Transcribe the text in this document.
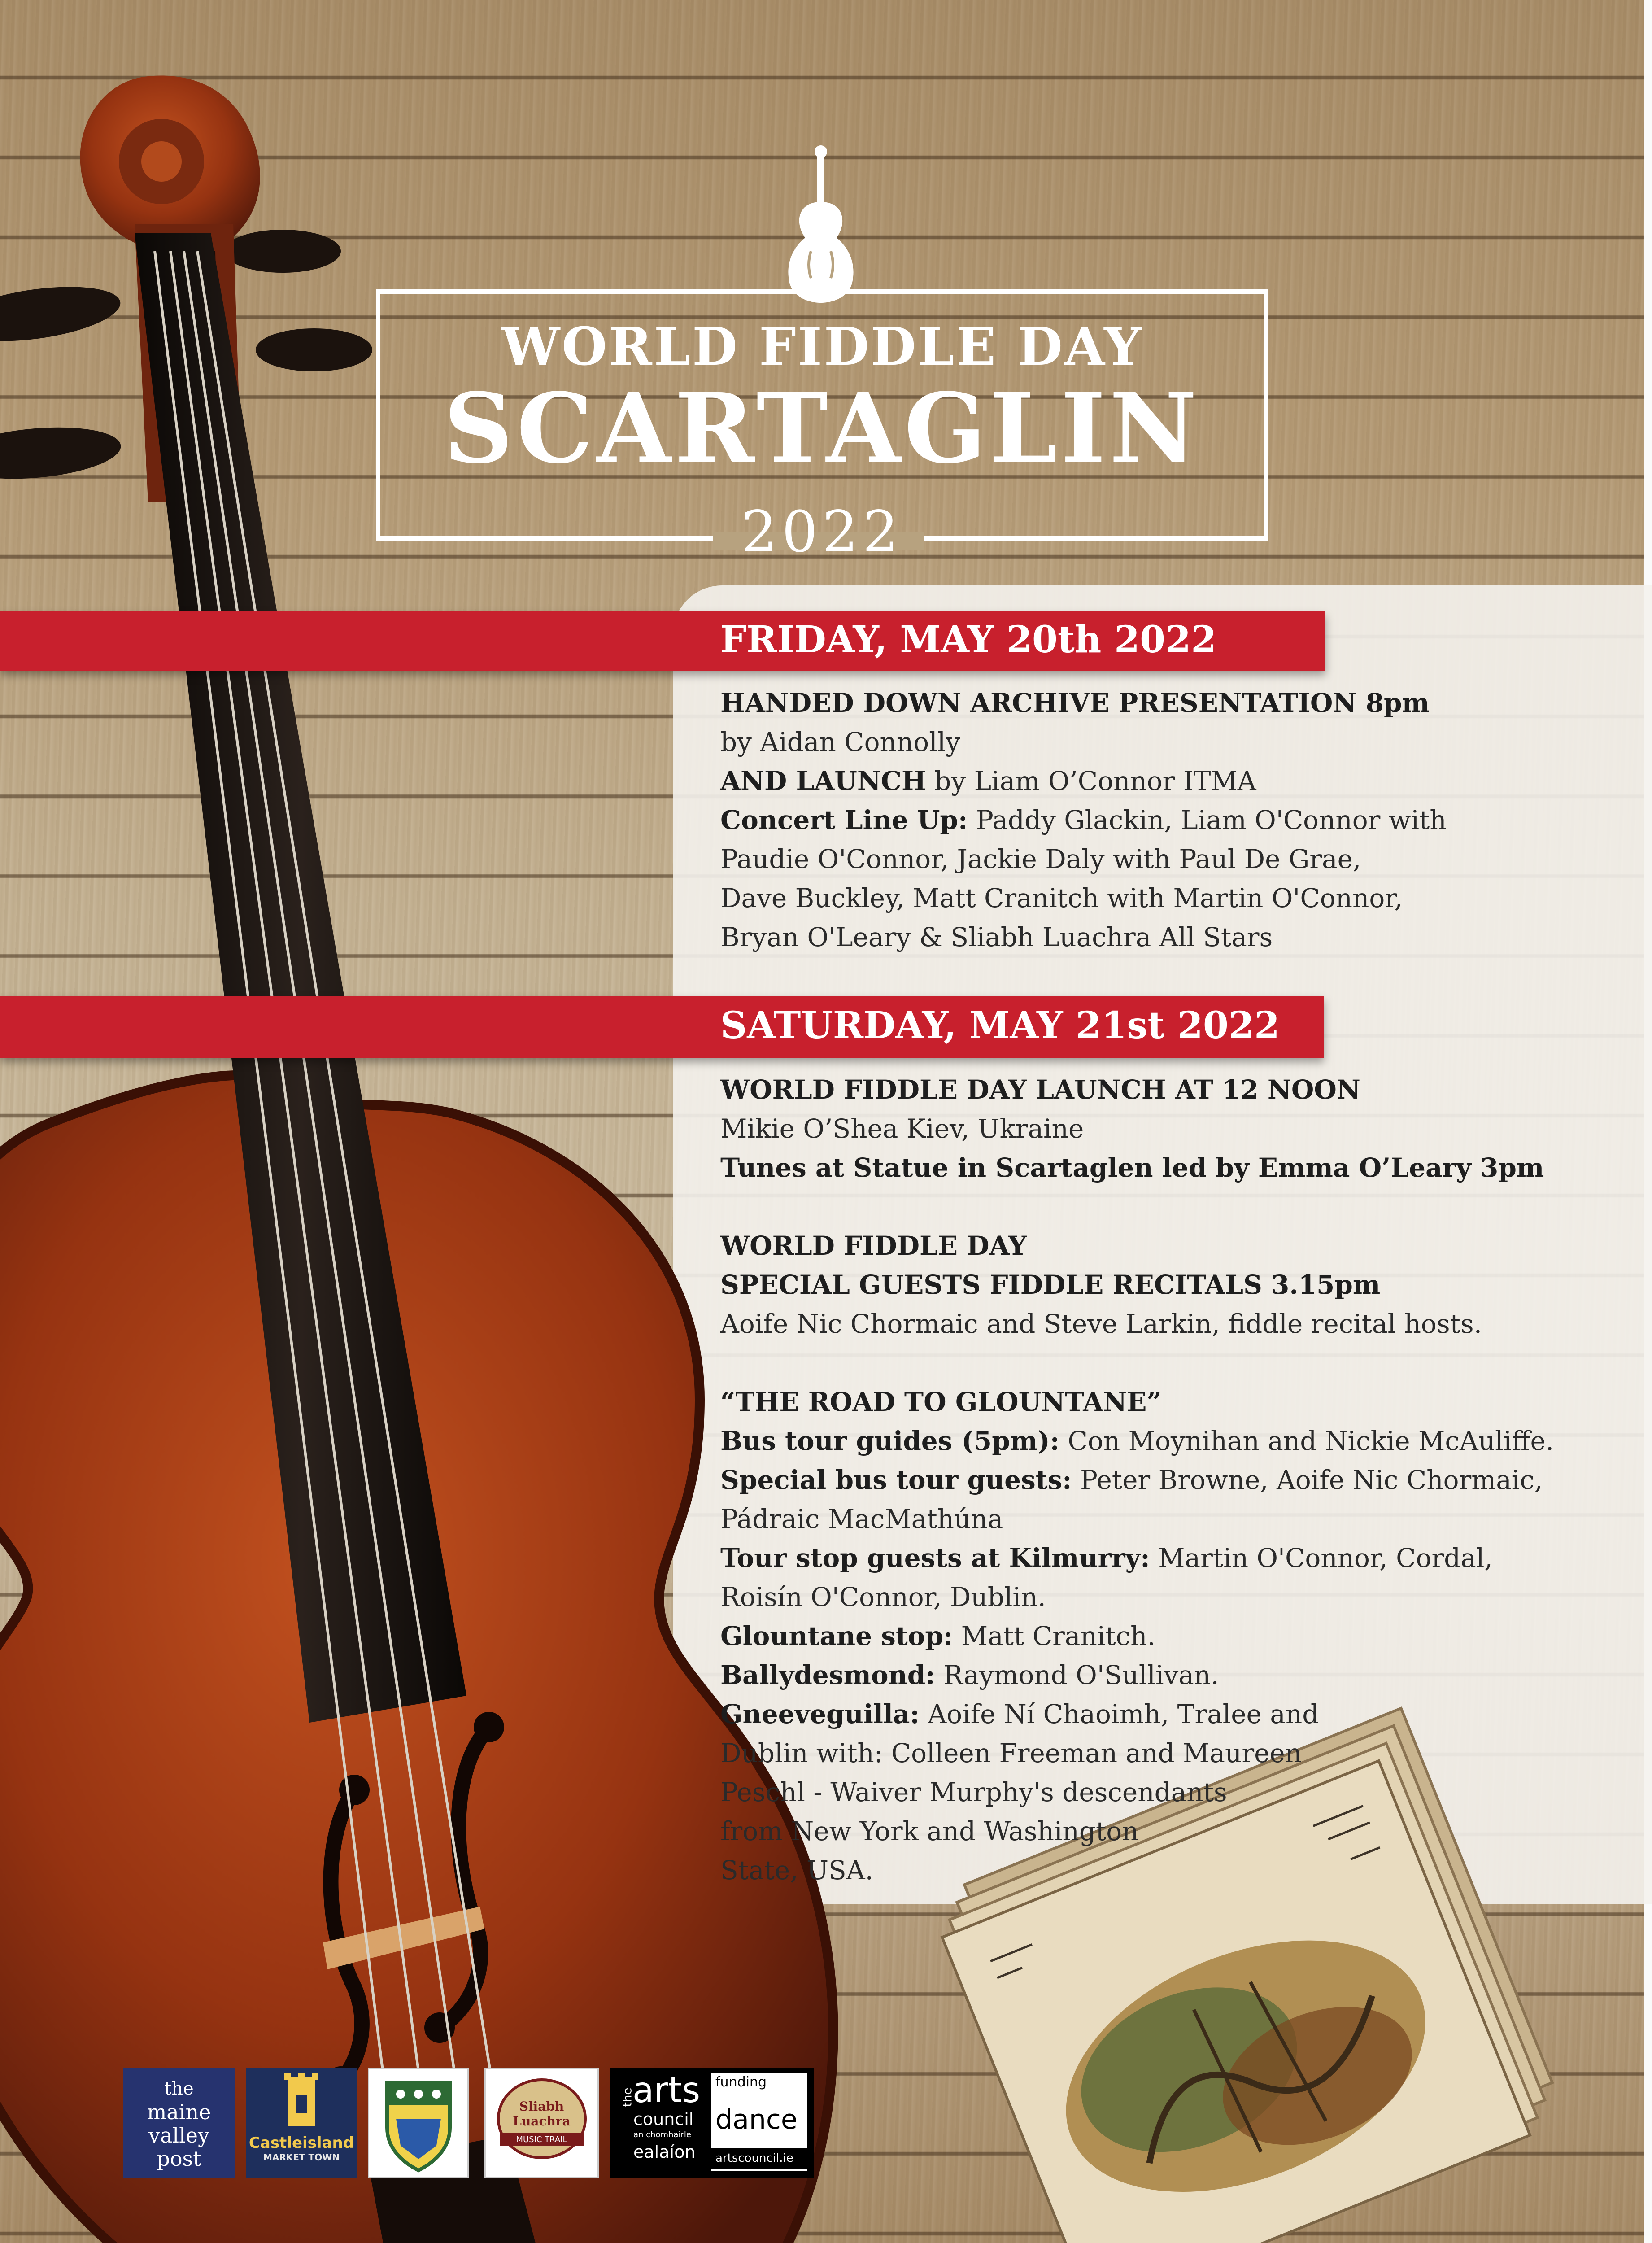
WORLD FIDDLE DAY
SCARTAGLIN
2022
FRIDAY, MAY 20th 2022
HANDED DOWN ARCHIVE PRESENTATION 8pm
by Aidan Connolly
AND LAUNCH by Liam O’Connor ITMA
Concert Line Up: Paddy Glackin, Liam O'Connor with
Paudie O'Connor, Jackie Daly with Paul De Grae,
Dave Buckley, Matt Cranitch with Martin O'Connor,
Bryan O'Leary & Sliabh Luachra All Stars
SATURDAY, MAY 21st 2022
WORLD FIDDLE DAY LAUNCH AT 12 NOON
Mikie O’Shea Kiev, Ukraine
Tunes at Statue in Scartaglen led by Emma O’Leary 3pm
WORLD FIDDLE DAY
SPECIAL GUESTS FIDDLE RECITALS 3.15pm
Aoife Nic Chormaic and Steve Larkin, fiddle recital hosts.
“THE ROAD TO GLOUNTANE”
Bus tour guides (5pm): Con Moynihan and Nickie McAuliffe.
Special bus tour guests: Peter Browne, Aoife Nic Chormaic,
Pádraic MacMathúna
Tour stop guests at Kilmurry: Martin O'Connor, Cordal,
Roisín O'Connor, Dublin.
Glountane stop: Matt Cranitch.
Ballydesmond: Raymond O'Sullivan.
Gneeveguilla: Aoife Ní Chaoimh, Tralee and
Dublin with: Colleen Freeman and Maureen
Peschl - Waiver Murphy's descendants
from New York and Washington
State, USA.
the
maine
valley
post
Castleisland
MARKET TOWN
Sliabh Luachra
MUSIC TRAIL
the
arts
council
an chomhairle
ealaíon
funding
dance
artscouncil.ie
